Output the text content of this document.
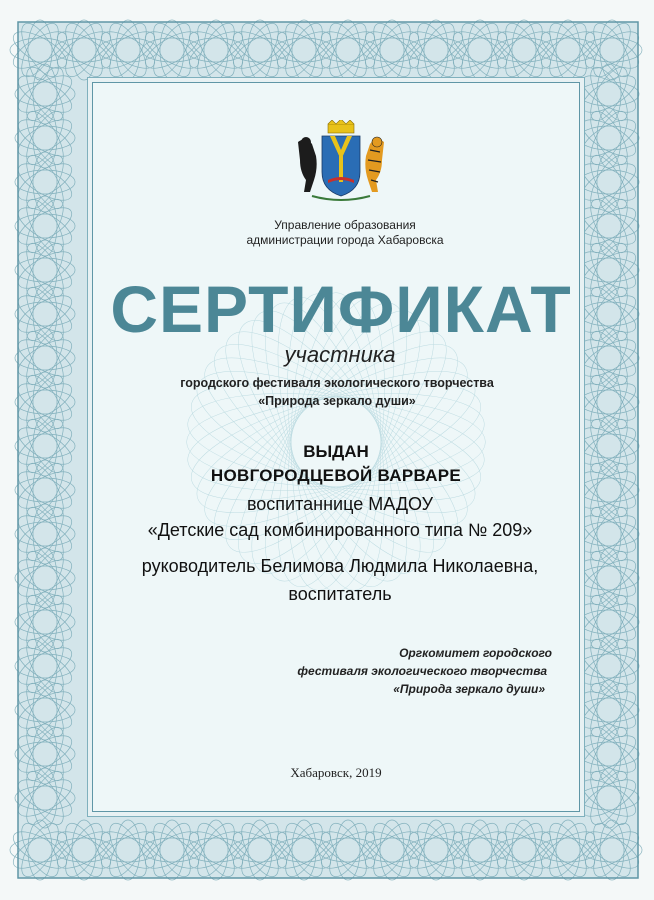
Управление образования
администрации города Хабаровска
СЕРТИФИКАТ
участника
городского фестиваля экологического творчества
«Природа зеркало души»
ВЫДАН
НОВГОРОДЦЕВОЙ ВАРВАРЕ
воспитаннице МАДОУ
«Детские сад комбинированного типа № 209»
руководитель Белимова Людмила Николаевна,
воспитатель
Оргкомитет городского
фестиваля экологического творчества
«Природа зеркало души»
Хабаровск, 2019
